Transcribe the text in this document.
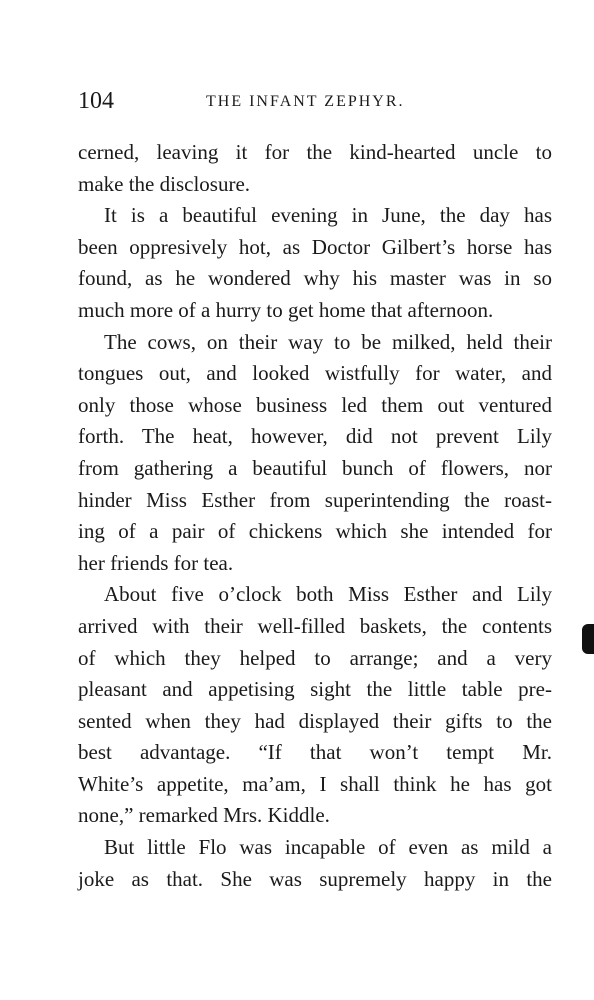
104	THE INFANT ZEPHYR.
cerned, leaving it for the kind-hearted uncle to
make the disclosure.
It is a beautiful evening in June, the day has
been oppresively hot, as Doctor Gilbert’s horse has
found, as he wondered why his master was in so
much more of a hurry to get home that afternoon.
The cows, on their way to be milked, held their
tongues out, and looked wistfully for water, and
only those whose business led them out ventured
forth. The heat, however, did not prevent Lily
from gathering a beautiful bunch of flowers, nor
hinder Miss Esther from superintending the roast-
ing of a pair of chickens which she intended for
her friends for tea.
About five o’clock both Miss Esther and Lily
arrived with their well-filled baskets, the contents
of which they helped to arrange; and a very
pleasant and appetising sight the little table pre-
sented when they had displayed their gifts to the
best advantage. “If that won’t tempt Mr.
White’s appetite, ma’am, I shall think he has got
none,” remarked Mrs. Kiddle.
But little Flo was incapable of even as mild a
joke as that. She was supremely happy in the
